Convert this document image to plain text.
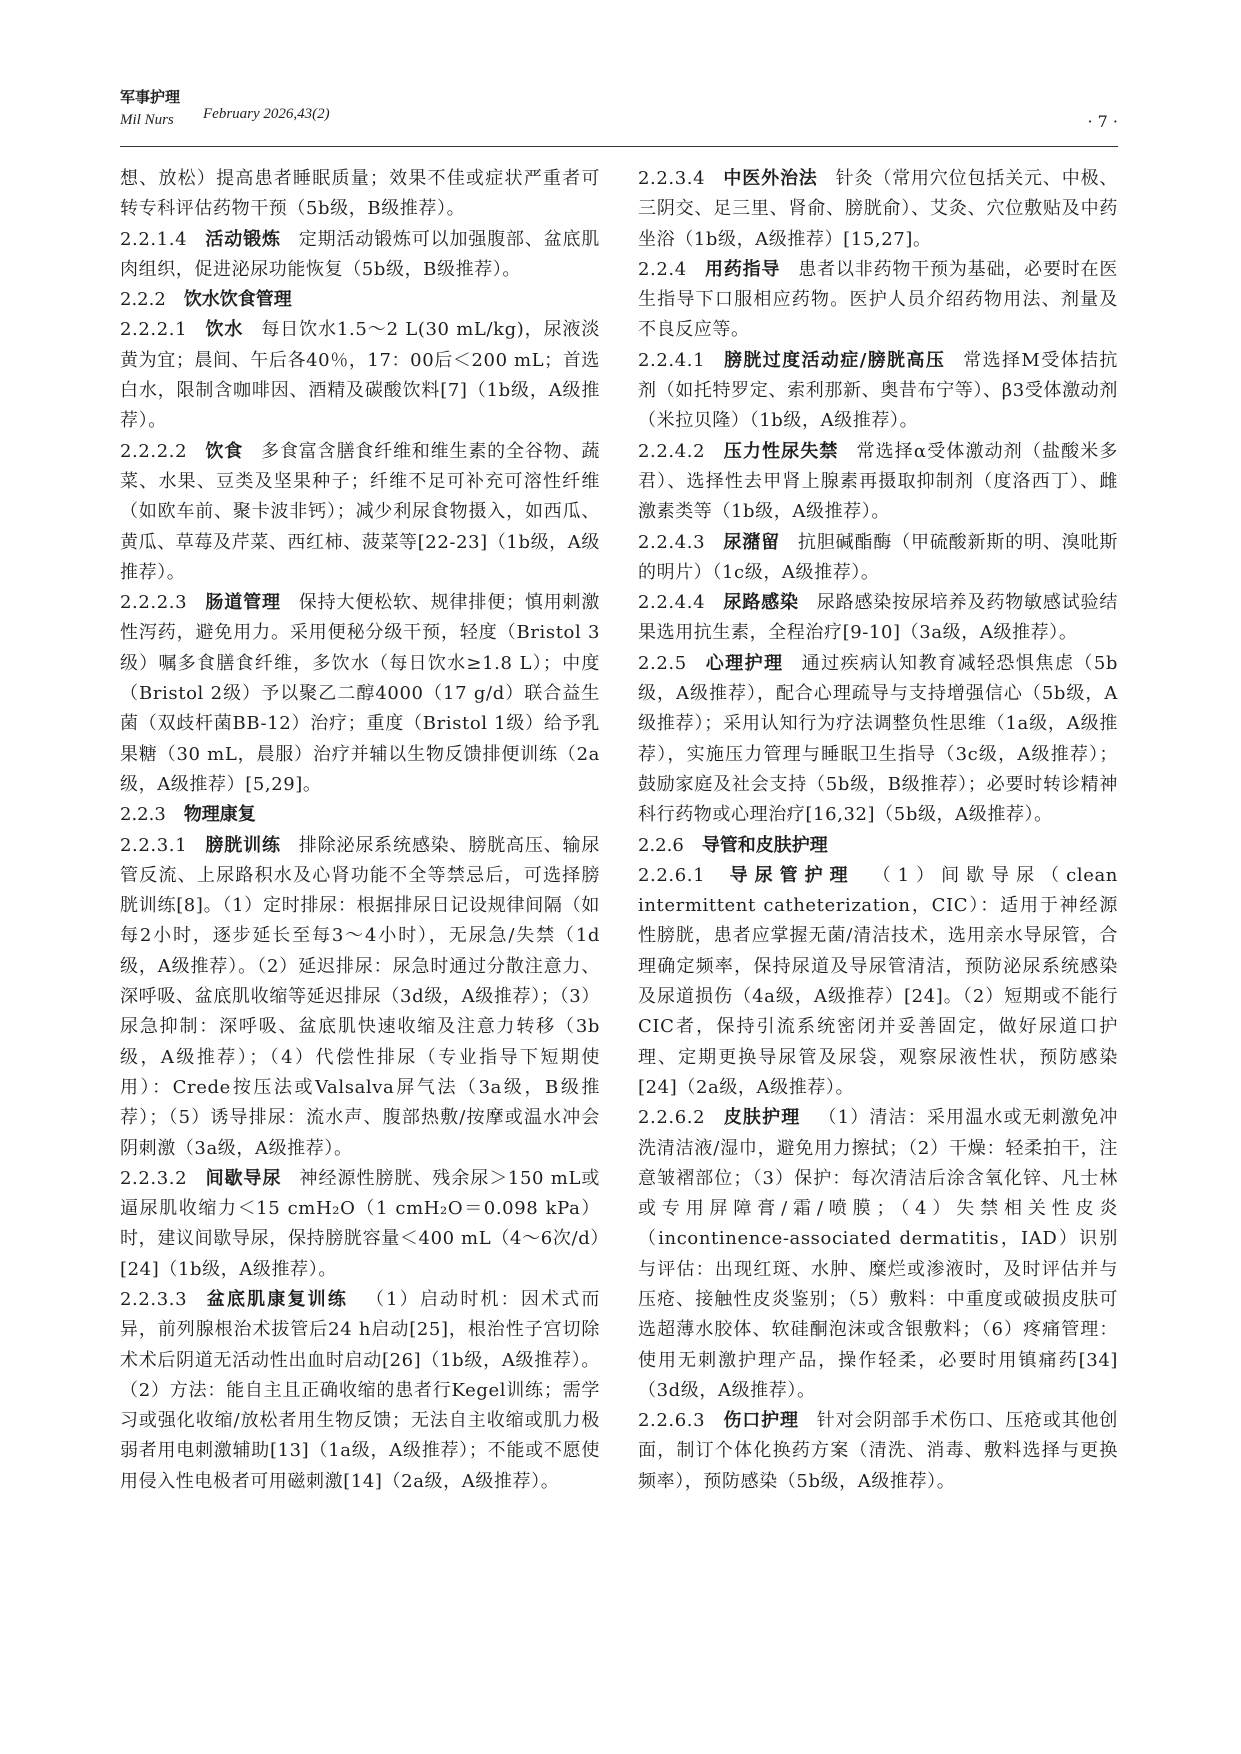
军事护理
Mil Nurs February 2026,43(2)	· 7 ·

想、放松）提高患者睡眠质量；效果不佳或症状严重者可转专科评估药物干预（5b级，B级推荐）。

2.2.1.4 活动锻炼 定期活动锻炼可以加强腹部、盆底肌肉组织，促进泌尿功能恢复（5b级，B级推荐）。

2.2.2 饮水饮食管理

2.2.2.1 饮水 每日饮水1.5～2 L(30 mL/kg)，尿液淡黄为宜；晨间、午后各40％，17：00后＜200 mL；首选白水，限制含咖啡因、酒精及碳酸饮料[7]（1b级，A级推荐）。

2.2.2.2 饮食 多食富含膳食纤维和维生素的全谷物、蔬菜、水果、豆类及坚果种子；纤维不足可补充可溶性纤维（如欧车前、聚卡波非钙）；减少利尿食物摄入，如西瓜、黄瓜、草莓及芹菜、西红柿、菠菜等[22-23]（1b级，A级推荐）。

2.2.2.3 肠道管理 保持大便松软、规律排便；慎用刺激性泻药，避免用力。采用便秘分级干预，轻度（Bristol 3级）嘱多食膳食纤维，多饮水（每日饮水≥1.8 L）；中度（Bristol 2级）予以聚乙二醇4000（17 g/d）联合益生菌（双歧杆菌BB-12）治疗；重度（Bristol 1级）给予乳果糖（30 mL，晨服）治疗并辅以生物反馈排便训练（2a级，A级推荐）[5,29]。

2.2.3 物理康复

2.2.3.1 膀胱训练 排除泌尿系统感染、膀胱高压、输尿管反流、上尿路积水及心肾功能不全等禁忌后，可选择膀胱训练[8]。（1）定时排尿：根据排尿日记设规律间隔（如每2小时，逐步延长至每3～4小时），无尿急/失禁（1d级，A级推荐）。（2）延迟排尿：尿急时通过分散注意力、深呼吸、盆底肌收缩等延迟排尿（3d级，A级推荐）；（3）尿急抑制：深呼吸、盆底肌快速收缩及注意力转移（3b级，A级推荐）；（4）代偿性排尿（专业指导下短期使用）：Crede按压法或Valsalva屏气法（3a级，B级推荐）；（5）诱导排尿：流水声、腹部热敷/按摩或温水冲会阴刺激（3a级，A级推荐）。

2.2.3.2 间歇导尿 神经源性膀胱、残余尿＞150 mL或逼尿肌收缩力＜15 cmH₂O（1 cmH₂O＝0.098 kPa）时，建议间歇导尿，保持膀胱容量＜400 mL（4～6次/d）[24]（1b级，A级推荐）。

2.2.3.3 盆底肌康复训练 （1）启动时机：因术式而异，前列腺根治术拔管后24 h启动[25]，根治性子宫切除术术后阴道无活动性出血时启动[26]（1b级，A级推荐）。（2）方法：能自主且正确收缩的患者行Kegel训练；需学习或强化收缩/放松者用生物反馈；无法自主收缩或肌力极弱者用电刺激辅助[13]（1a级，A级推荐）；不能或不愿使用侵入性电极者可用磁刺激[14]（2a级，A级推荐）。

2.2.3.4 中医外治法 针灸（常用穴位包括关元、中极、三阴交、足三里、肾俞、膀胱俞）、艾灸、穴位敷贴及中药坐浴（1b级，A级推荐）[15,27]。

2.2.4 用药指导 患者以非药物干预为基础，必要时在医生指导下口服相应药物。医护人员介绍药物用法、剂量及不良反应等。

2.2.4.1 膀胱过度活动症/膀胱高压 常选择M受体拮抗剂（如托特罗定、索利那新、奥昔布宁等）、β3受体激动剂（米拉贝隆）（1b级，A级推荐）。

2.2.4.2 压力性尿失禁 常选择α受体激动剂（盐酸米多君）、选择性去甲肾上腺素再摄取抑制剂（度洛西丁）、雌激素类等（1b级，A级推荐）。

2.2.4.3 尿潴留 抗胆碱酯酶（甲硫酸新斯的明、溴吡斯的明片）（1c级，A级推荐）。

2.2.4.4 尿路感染 尿路感染按尿培养及药物敏感试验结果选用抗生素，全程治疗[9-10]（3a级，A级推荐）。

2.2.5 心理护理 通过疾病认知教育减轻恐惧焦虑（5b级，A级推荐），配合心理疏导与支持增强信心（5b级，A级推荐）；采用认知行为疗法调整负性思维（1a级，A级推荐），实施压力管理与睡眠卫生指导（3c级，A级推荐）；鼓励家庭及社会支持（5b级，B级推荐）；必要时转诊精神科行药物或心理治疗[16,32]（5b级，A级推荐）。

2.2.6 导管和皮肤护理

2.2.6.1 导尿管护理 （1）间歇导尿（clean intermittent catheterization，CIC）：适用于神经源性膀胱，患者应掌握无菌/清洁技术，选用亲水导尿管，合理确定频率，保持尿道及导尿管清洁，预防泌尿系统感染及尿道损伤（4a级，A级推荐）[24]。（2）短期或不能行CIC者，保持引流系统密闭并妥善固定，做好尿道口护理、定期更换导尿管及尿袋，观察尿液性状，预防感染[24]（2a级，A级推荐）。

2.2.6.2 皮肤护理 （1）清洁：采用温水或无刺激免冲洗清洁液/湿巾，避免用力擦拭；（2）干燥：轻柔拍干，注意皱褶部位；（3）保护：每次清洁后涂含氧化锌、凡士林或专用屏障膏/霜/喷膜；（4）失禁相关性皮炎（incontinence-associated dermatitis，IAD）识别与评估：出现红斑、水肿、糜烂或渗液时，及时评估并与压疮、接触性皮炎鉴别；（5）敷料：中重度或破损皮肤可选超薄水胶体、软硅酮泡沫或含银敷料；（6）疼痛管理：使用无刺激护理产品，操作轻柔，必要时用镇痛药[34]（3d级，A级推荐）。

2.2.6.3 伤口护理 针对会阴部手术伤口、压疮或其他创面，制订个体化换药方案（清洗、消毒、敷料选择与更换频率），预防感染（5b级，A级推荐）。
